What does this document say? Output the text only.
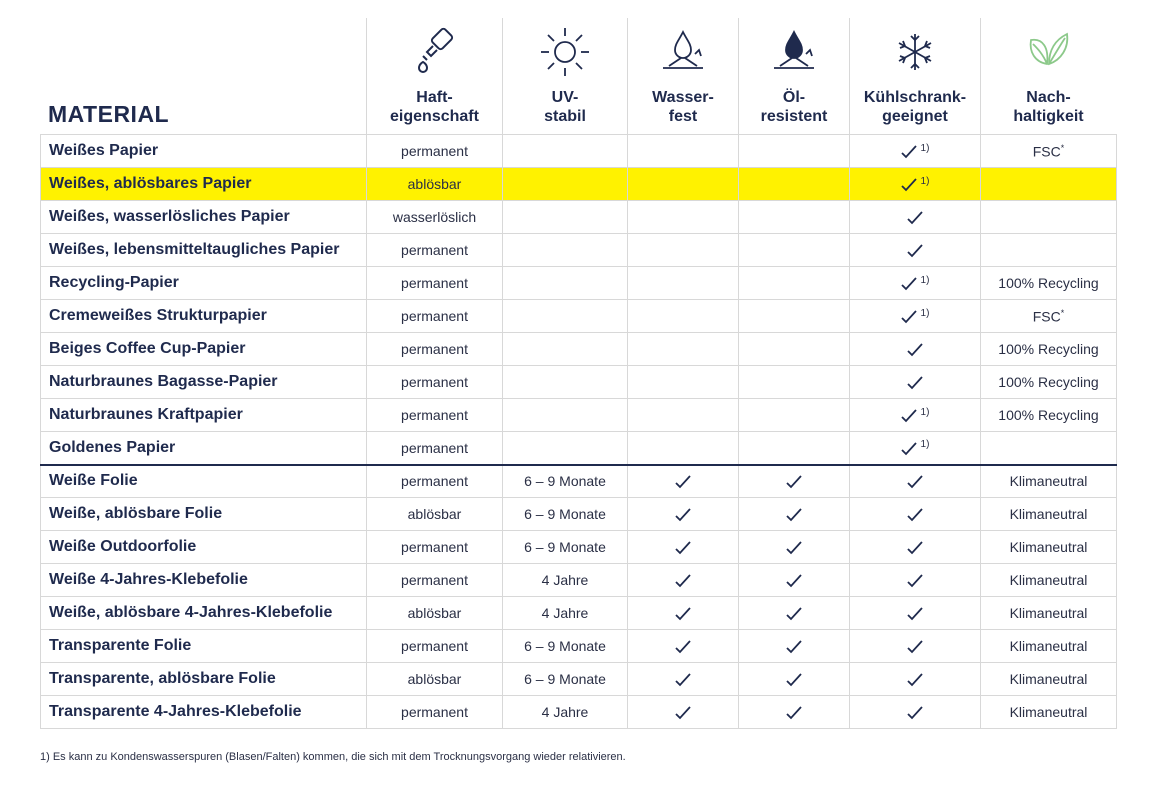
MATERIAL
Haft-
eigenschaft
UV-
stabil
Wasser-
fest
Öl-
resistent
Kühlschrank-
geeignet
Nach-
haltigkeit
Weißes Papier	permanent				$^{1)}$	FSC*
Weißes, ablösbares Papier	ablösbar				$^{1)}$	
Weißes, wasserlösliches Papier	wasserlöslich					
Weißes, lebensmitteltaugliches Papier	permanent					
Recycling-Papier	permanent				$^{1)}$	100% Recycling
Cremeweißes Strukturpapier	permanent				$^{1)}$	FSC*
Beiges Coffee Cup-Papier	permanent					100% Recycling
Naturbraunes Bagasse-Papier	permanent					100% Recycling
Naturbraunes Kraftpapier	permanent				$^{1)}$	100% Recycling
Goldenes Papier	permanent				$^{1)}$	
Weiße Folie	permanent	6 – 9 Monate				Klimaneutral
Weiße, ablösbare Folie	ablösbar	6 – 9 Monate				Klimaneutral
Weiße Outdoorfolie	permanent	6 – 9 Monate				Klimaneutral
Weiße 4-Jahres-Klebefolie	permanent	4 Jahre				Klimaneutral
Weiße, ablösbare 4-Jahres-Klebefolie	ablösbar	4 Jahre				Klimaneutral
Transparente Folie	permanent	6 – 9 Monate				Klimaneutral
Transparente, ablösbare Folie	ablösbar	6 – 9 Monate				Klimaneutral
Transparente 4-Jahres-Klebefolie	permanent	4 Jahre				Klimaneutral
1) Es kann zu Kondenswasserspuren (Blasen/Falten) kommen, die sich mit dem Trocknungsvorgang wieder relativieren.
